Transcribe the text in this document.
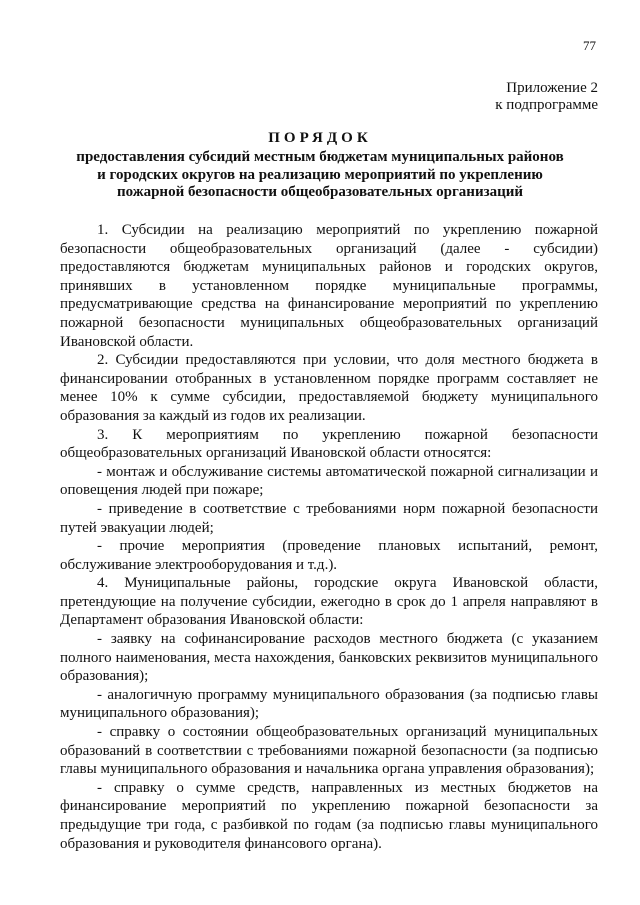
77
Приложение 2
к подпрограмме
ПОРЯДОК
предоставления субсидий местным бюджетам муниципальных районов
и городских округов на реализацию мероприятий по укреплению
пожарной безопасности общеобразовательных организаций

1. Субсидии на реализацию мероприятий по укреплению пожарной безопасности общеобразовательных организаций (далее - субсидии) предоставляются бюджетам муниципальных районов и городских округов, принявших в установленном порядке муниципальные программы, предусматривающие средства на финансирование мероприятий по укреплению пожарной безопасности муниципальных общеобразовательных организаций Ивановской области.

2. Субсидии предоставляются при условии, что доля местного бюджета в финансировании отобранных в установленном порядке программ составляет не менее 10% к сумме субсидии, предоставляемой бюджету муниципального образования за каждый из годов их реализации.

3. К мероприятиям по укреплению пожарной безопасности общеобразовательных организаций Ивановской области относятся:

- монтаж и обслуживание системы автоматической пожарной сигнализации и оповещения людей при пожаре;

- приведение в соответствие с требованиями норм пожарной безопасности путей эвакуации людей;

- прочие мероприятия (проведение плановых испытаний, ремонт, обслуживание электрооборудования и т.д.).

4. Муниципальные районы, городские округа Ивановской области, претендующие на получение субсидии, ежегодно в срок до 1 апреля направляют в Департамент образования Ивановской области:

- заявку на софинансирование расходов местного бюджета (с указанием полного наименования, места нахождения, банковских реквизитов муниципального образования);

- аналогичную программу муниципального образования (за подписью главы муниципального образования);

- справку о состоянии общеобразовательных организаций муниципальных образований в соответствии с требованиями пожарной безопасности (за подписью главы муниципального образования и начальника органа управления образования);

- справку о сумме средств, направленных из местных бюджетов на финансирование мероприятий по укреплению пожарной безопасности за предыдущие три года, с разбивкой по годам (за подписью главы муниципального образования и руководителя финансового органа).
